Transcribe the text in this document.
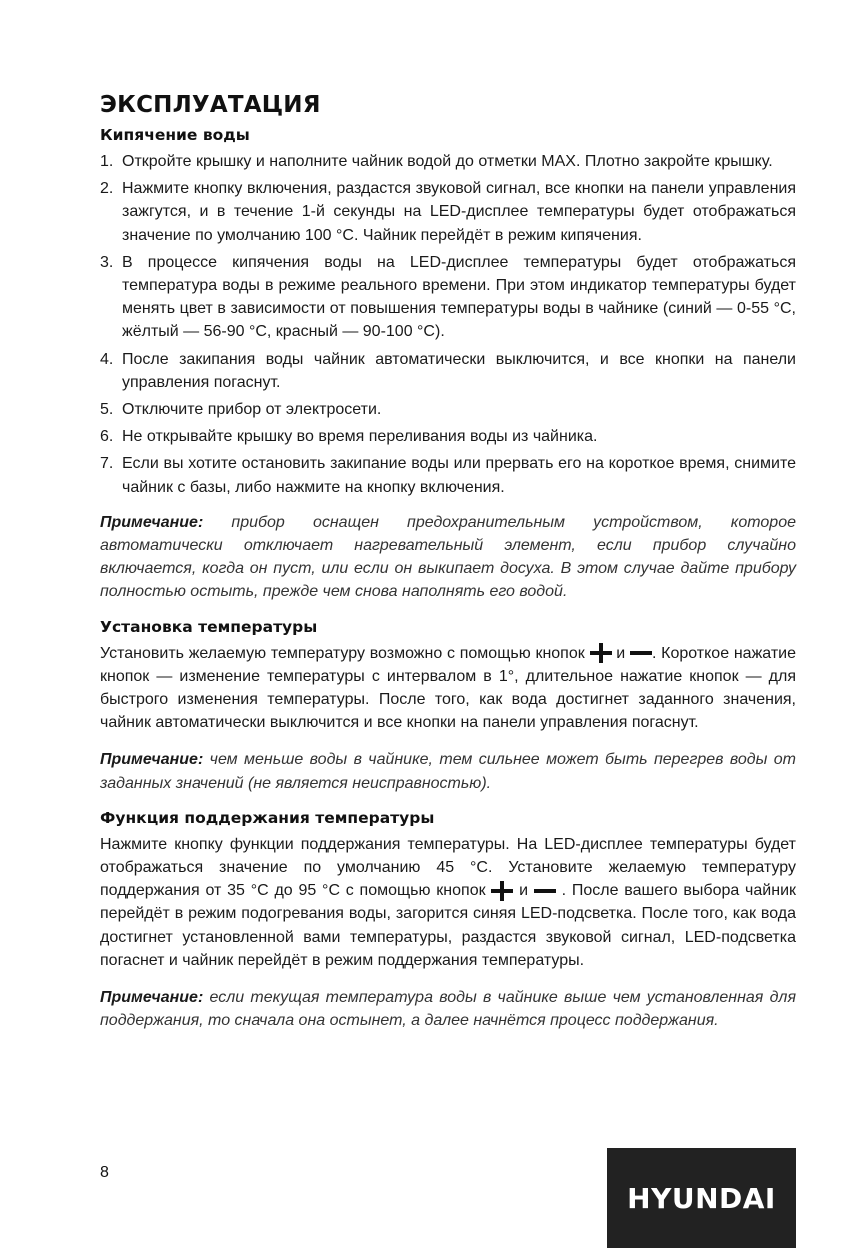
ЭКСПЛУАТАЦИЯ
Кипячение воды
1. Откройте крышку и наполните чайник водой до отметки MAX. Плотно закройте крышку.
2. Нажмите кнопку включения, раздастся звуковой сигнал, все кнопки на панели управления зажгутся, и в течение 1-й секунды на LED-дисплее температуры будет отображаться значение по умолчанию 100 °С. Чайник перейдёт в режим кипячения.
3. В процессе кипячения воды на LED-дисплее температуры будет отображаться температура воды в режиме реального времени. При этом индикатор температуры будет менять цвет в зависимости от повышения температуры воды в чайнике (синий — 0-55 °С, жёлтый — 56-90 °С, красный — 90-100 °С).
4. После закипания воды чайник автоматически выключится, и все кнопки на панели управления погаснут.
5. Отключите прибор от электросети.
6. Не открывайте крышку во время переливания воды из чайника.
7. Если вы хотите остановить закипание воды или прервать его на короткое время, снимите чайник с базы, либо нажмите на кнопку включения.

Примечание: прибор оснащен предохранительным устройством, которое автоматически отключает нагревательный элемент, если прибор случайно включается, когда он пуст, или если он выкипает досуха. В этом случае дайте прибору полностью остыть, прежде чем снова наполнять его водой.

Установка температуры

Установить желаемую температуру возможно с помощью кнопок  и . Короткое нажатие кнопок — изменение температуры с интервалом в 1°, длительное нажатие кнопок — для быстрого изменения температуры. После того, как вода достигнет заданного значения, чайник автоматически выключится и все кнопки на панели управления погаснут.

Примечание: чем меньше воды в чайнике, тем сильнее может быть перегрев воды от заданных значений (не является неисправностью).

Функция поддержания температуры

Нажмите кнопку функции поддержания температуры. На LED-дисплее температуры будет отображаться значение по умолчанию 45 °С. Установите желаемую температуру поддержания от 35 °С до 95 °С с помощью кнопок  и  . После вашего выбора чайник перейдёт в режим подогревания воды, загорится синяя LED-подсветка. После того, как вода достигнет установленной вами температуры, раздастся звуковой сигнал, LED-подсветка погаснет и чайник перейдёт в режим поддержания температуры.

Примечание: если текущая температура воды в чайнике выше чем установленная для поддержания, то сначала она остынет, а далее начнётся процесс поддержания.

8
HYUNDAI
